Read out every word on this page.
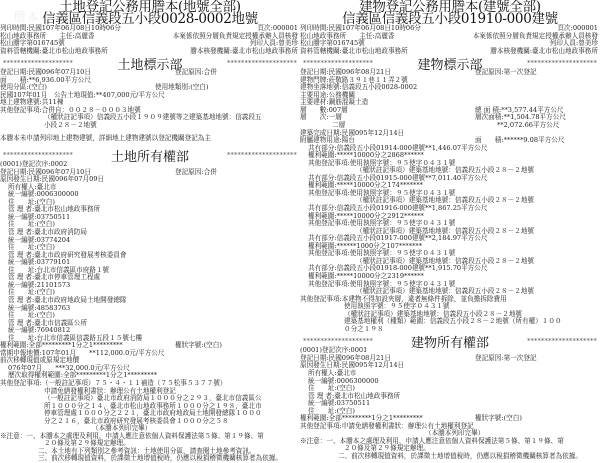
謄本
土地登記公務用謄本(地號全部)
信義區信義段五小段0028-0002地號
列印時間:民國107年06月08日10時06分	頁次:000001
松山地政事務所　　主任:高麗香	本案係依照分層負責規定授權承辦人員核發
松山謄字第016745號	列印人員:曾美珍
資料管轄機關:臺北市松山地政事務所	謄本核發機關:臺北市松山地政事務所
********************	土地標示部	********************
登記日期:民國096年07月10日	登記原因:合併
面　　積:**6,936.00平方公尺
使用分區:(空白)	使用地類別:(空白)
民國107年01月　公告土地現值:**407,000元/平方公尺
地上建物建號:共11棟
其他登記事項:合併自：００２８－０００３地號
（權狀註記事項）信義段五小段１９０９建號等之建築基地地號：信義段五
小段２８－２地號
本謄本未申請列印地上建物建號，詳細地上建物建號以登記機關登記為主
********************	土地所有權部	********************
(0001)登記次序:0002
登記日期:民國096年07月10日	登記原因:合併
原因發生日期:民國096年07月09日
所有權人:臺北市
統一編號:0006300000
住　　址:(空白)
管 理 者:臺北市松山地政事務所
統一編號:03750511
住　　址:(空白)
管 理 者:臺北市政府消防局
統一編號:03774204
住　　址:(空白)
管 理 者:臺北市政府研究發展考核委員會
統一編號:03779101
住　　址:台北市信義區市府路１號
管 理 者:臺北市停車管理工程處
統一編號:21101573
住　　址:(空白)
管 理 者:臺北市政府地政局土地開發總隊
統一編號:48583763
住　　址:(空白)
管 理 者:臺北市信義區公所
統一編號:76940812
住　　址:台北市信義區信義路五段１５號七樓
權利範圍:全部*********1分之1*********	權狀字號:(空白)
當期申報地價:107年01月　　**112,000.0元/平方公尺
前次移轉現值或原規定地價
076年07月　　***32,000.0元/平方公尺
歷次取得權利範圍:全部*********1分之1*********
其他登記事項:（一般註記事項）７５・４・１１補造（７５松事５３７７號）
申請免繕發權利書狀：辦理公有土地權利登記
（一般註記事項）臺北市政府消防局１０００分之２９３，臺北市信義區公
所１０００分之１４，臺北市松山地政事務所１０００分之１９８，臺北市
停車管理處１０００分之２２１，臺北市政府地政局土地開發總隊１０００
分之２１６，臺北市政府研究發展考核委員會１０００分之５８
（本謄本列印完畢）
※注意：一、本謄本之處理及利用，申請人應注意依個人資料保護法第５條、第１９條、第
２０條及第２９條規定辦理。
二、本土地有下列類別之參考資訊：土地使用分區，請查閱土地參考資訊。
三、前次移轉現值資料，於課徵土地增值稅時，仍應以稅捐稽徵機關核算者為依據。
建物登記公務用謄本(建號全部)
信義區信義段五小段01910-000建號
列印時間:民國107年06月08日10時06分	頁次:000001
松山地政事務所　　主任:高麗香	本案係依照分層負責規定授權承辦人員核發
松山謄字第016745號	列印人員:曾美珍
資料管轄機關:臺北市松山地政事務所	謄本核發機關:臺北市松山地政事務所
********************	建物標示部	********************
登記日期:民國096年08月21日	登記原因:第一次登記
建物門牌:莊敬路３９１巷１１弄２號
建物坐落地號:信義段五小段0028-0002
主要用途:公務機關
主要建材:鋼筋混凝土造
層　　數:007層	總 面 積:**3,577.44平方公尺
層　　次:一層	層次面積:**1,504.78平方公尺
二層	**2,072.66平方公尺
建築完成日期:民國095年12月14日
附屬建物用途:陽台	面　　積:******9.08平方公尺
共有部分:信義段五小段01914-000建號**1,446.07平方公尺
權利範圍:*****10000分之2868******
其他登記事項:使用執照字號：９５使字０４３１號
（權狀註記事項）建築基地地號：信義段五小段２８－２地號
共有部分:信義段五小段01915-000建號**7,011.40平方公尺
權利範圍:*****10000分之174*******
其他登記事項:使用執照字號：９５使字０４３１號
（權狀註記事項）建築基地地號：信義段五小段２８－２地號
共有部分:信義段五小段01916-000建號**1,867.25平方公尺
權利範圍:*****10000分之2912******
其他登記事項:使用執照字號：９５使字０４３１號
（權狀註記事項）建築基地地號：信義段五小段２８－２地號
共有部分:信義段五小段01917-000建號**2,184.97平方公尺
權利範圍:******1000分之107*******
其他登記事項:使用執照字號：９５使字０４３１號
（權狀註記事項）建築基地地號：信義段五小段２８－２地號
共有部分:信義段五小段01918-000建號**1,915.70平方公尺
權利範圍:*****10000分之2319******
其他登記事項:使用執照字號：９５使字０４３１號
（權狀註記事項）建築基地地號：信義段五小段２８－２地號
其他登記事項:本建物不得加設夾層，違者無條件拆除，並負擔拆除費用
使用執照字號：９５使字０４３１號
（權狀註記事項）建築基地地號：信義段五小段２８－２地號
建築基地權利（種類）範圍：信義段五小段２８－２地號（所有權）１００
０分之１９８
********************	建物所有權部	********************
(0001)登記次序:0001
登記日期:民國096年08月21日	登記原因:第一次登記
原因發生日期:民國095年12月14日
所有權人:臺北市
統一編號:0006300000
住　　址:(空白)
管 理 者:臺北市松山地政事務所
統一編號:03750511
住　　址:(空白)
權利範圍:全部*********1分之1*********	權狀字號:(空白)
其他登記事項:申請免繕發權利書狀：辦理公有土地權利登記
（本謄本列印完畢）
※注意：一、本謄本之處理及利用，申請人應注意依個人資料保護法第５條、第１９條、第
２０條及第２９條規定辦理。
二、前次移轉現值資料，於課徵土地增值稅時，仍應以稅捐稽徵機關核算者為依據。
